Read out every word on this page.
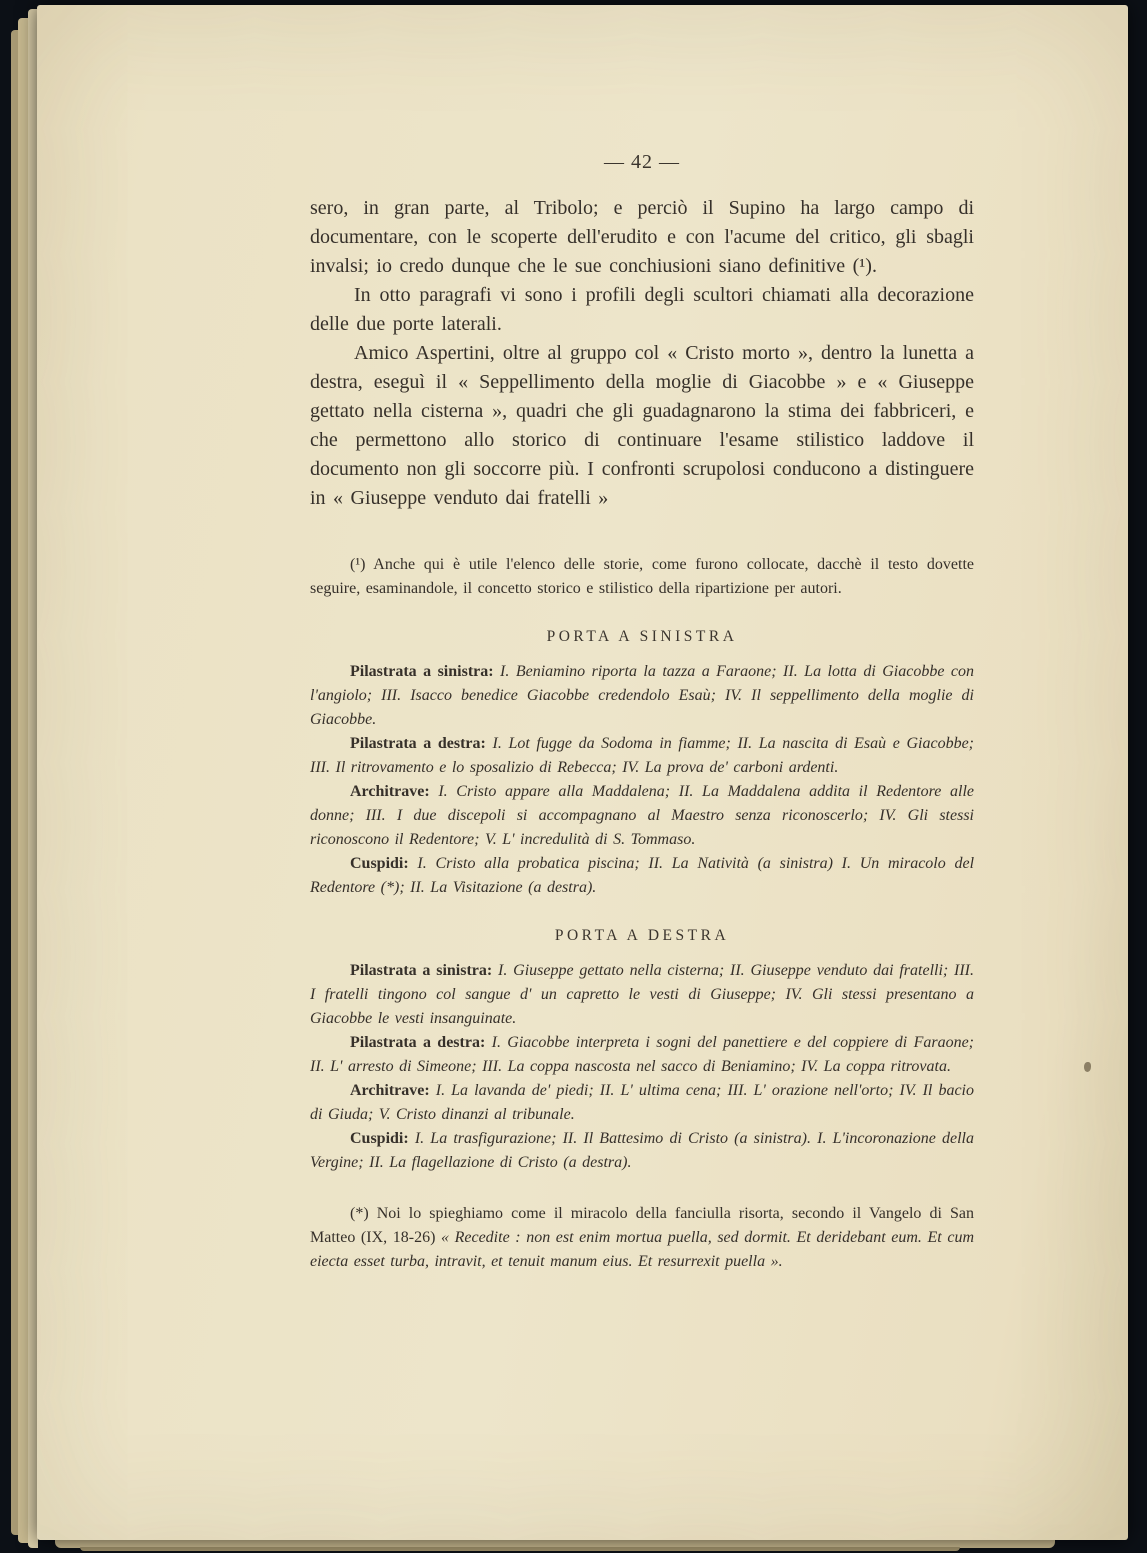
— 42 —

sero, in gran parte, al Tribolo; e perciò il Supino ha largo campo di documentare, con le scoperte dell'erudito e con l'acume del critico, gli sbagli invalsi; io credo dunque che le sue conchiusioni siano definitive (¹).

In otto paragrafi vi sono i profili degli scultori chiamati alla decorazione delle due porte laterali.

Amico Aspertini, oltre al gruppo col « Cristo morto », dentro la lunetta a destra, eseguì il « Seppellimento della moglie di Giacobbe » e « Giuseppe gettato nella cisterna », quadri che gli guadagnarono la stima dei fabbriceri, e che permettono allo storico di continuare l'esame stilistico laddove il documento non gli soccorre più. I confronti scrupolosi conducono a distinguere in « Giuseppe venduto dai fratelli »

(¹) Anche qui è utile l'elenco delle storie, come furono collocate, dacchè il testo dovette seguire, esaminandole, il concetto storico e stilistico della ripartizione per autori.

PORTA A SINISTRA

Pilastrata a sinistra: I. Beniamino riporta la tazza a Faraone; II. La lotta di Giacobbe con l'angiolo; III. Isacco benedice Giacobbe credendolo Esaù; IV. Il seppellimento della moglie di Giacobbe.

Pilastrata a destra: I. Lot fugge da Sodoma in fiamme; II. La nascita di Esaù e Giacobbe; III. Il ritrovamento e lo sposalizio di Rebecca; IV. La prova de' carboni ardenti.

Architrave: I. Cristo appare alla Maddalena; II. La Maddalena addita il Redentore alle donne; III. I due discepoli si accompagnano al Maestro senza riconoscerlo; IV. Gli stessi riconoscono il Redentore; V. L' incredulità di S. Tommaso.

Cuspidi: I. Cristo alla probatica piscina; II. La Natività (a sinistra) I. Un miracolo del Redentore (*); II. La Visitazione (a destra).

PORTA A DESTRA

Pilastrata a sinistra: I. Giuseppe gettato nella cisterna; II. Giuseppe venduto dai fratelli; III. I fratelli tingono col sangue d' un capretto le vesti di Giuseppe; IV. Gli stessi presentano a Giacobbe le vesti insanguinate.

Pilastrata a destra: I. Giacobbe interpreta i sogni del panettiere e del coppiere di Faraone; II. L' arresto di Simeone; III. La coppa nascosta nel sacco di Beniamino; IV. La coppa ritrovata.

Architrave: I. La lavanda de' piedi; II. L' ultima cena; III. L' orazione nell'orto; IV. Il bacio di Giuda; V. Cristo dinanzi al tribunale.

Cuspidi: I. La trasfigurazione; II. Il Battesimo di Cristo (a sinistra). I. L'incoronazione della Vergine; II. La flagellazione di Cristo (a destra).

(*) Noi lo spieghiamo come il miracolo della fanciulla risorta, secondo il Vangelo di San Matteo (IX, 18-26) « Recedite : non est enim mortua puella, sed dormit. Et deridebant eum. Et cum eiecta esset turba, intravit, et tenuit manum eius. Et resurrexit puella ».
